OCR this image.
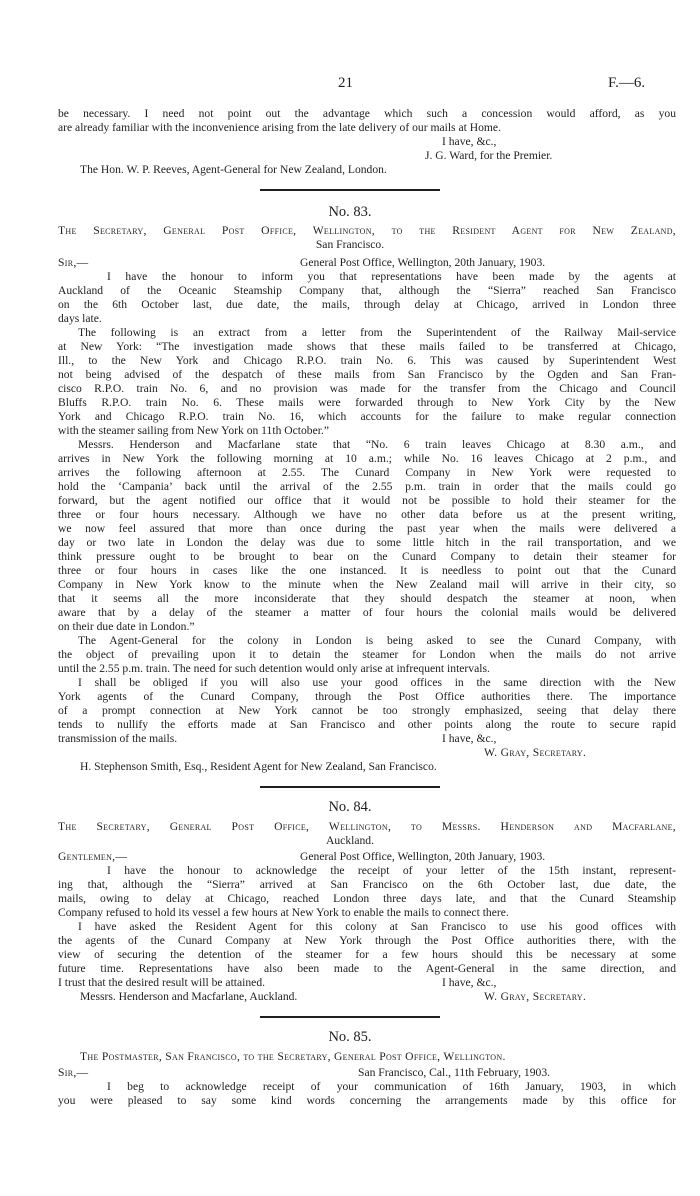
21	F.—6.
be necessary. I need not point out the advantage which such a concession would afford, as you
are already familiar with the inconvenience arising from the late delivery of our mails at Home.
I have, &c.,
J. G. Ward, for the Premier.
The Hon. W. P. Reeves, Agent-General for New Zealand, London.
No. 83.
The Secretary, General Post Office, Wellington, to the Resident Agent for New Zealand,
San Francisco.
Sir,—	General Post Office, Wellington, 20th January, 1903.
I have the honour to inform you that representations have been made by the agents at
Auckland of the Oceanic Steamship Company that, although the “Sierra” reached San Francisco
on the 6th October last, due date, the mails, through delay at Chicago, arrived in London three
days late.
The following is an extract from a letter from the Superintendent of the Railway Mail-service
at New York: “The investigation made shows that these mails failed to be transferred at Chicago,
Ill., to the New York and Chicago R.P.O. train No. 6. This was caused by Superintendent West
not being advised of the despatch of these mails from San Francisco by the Ogden and San Fran-
cisco R.P.O. train No. 6, and no provision was made for the transfer from the Chicago and Council
Bluffs R.P.O. train No. 6. These mails were forwarded through to New York City by the New
York and Chicago R.P.O. train No. 16, which accounts for the failure to make regular connection
with the steamer sailing from New York on 11th October.”
Messrs. Henderson and Macfarlane state that “No. 6 train leaves Chicago at 8.30 a.m., and
arrives in New York the following morning at 10 a.m.; while No. 16 leaves Chicago at 2 p.m., and
arrives the following afternoon at 2.55. The Cunard Company in New York were requested to
hold the ‘Campania’ back until the arrival of the 2.55 p.m. train in order that the mails could go
forward, but the agent notified our office that it would not be possible to hold their steamer for the
three or four hours necessary. Although we have no other data before us at the present writing,
we now feel assured that more than once during the past year when the mails were delivered a
day or two late in London the delay was due to some little hitch in the rail transportation, and we
think pressure ought to be brought to bear on the Cunard Company to detain their steamer for
three or four hours in cases like the one instanced. It is needless to point out that the Cunard
Company in New York know to the minute when the New Zealand mail will arrive in their city, so
that it seems all the more inconsiderate that they should despatch the steamer at noon, when
aware that by a delay of the steamer a matter of four hours the colonial mails would be delivered
on their due date in London.”
The Agent-General for the colony in London is being asked to see the Cunard Company, with
the object of prevailing upon it to detain the steamer for London when the mails do not arrive
until the 2.55 p.m. train. The need for such detention would only arise at infrequent intervals.
I shall be obliged if you will also use your good offices in the same direction with the New
York agents of the Cunard Company, through the Post Office authorities there. The importance
of a prompt connection at New York cannot be too strongly emphasized, seeing that delay there
tends to nullify the efforts made at San Francisco and other points along the route to secure rapid
transmission of the mails.	I have, &c.,
W. Gray, Secretary.
H. Stephenson Smith, Esq., Resident Agent for New Zealand, San Francisco.
No. 84.
The Secretary, General Post Office, Wellington, to Messrs. Henderson and Macfarlane,
Auckland.
Gentlemen,—	General Post Office, Wellington, 20th January, 1903.
I have the honour to acknowledge the receipt of your letter of the 15th instant, represent-
ing that, although the “Sierra” arrived at San Francisco on the 6th October last, due date, the
mails, owing to delay at Chicago, reached London three days late, and that the Cunard Steamship
Company refused to hold its vessel a few hours at New York to enable the mails to connect there.
I have asked the Resident Agent for this colony at San Francisco to use his good offices with
the agents of the Cunard Company at New York through the Post Office authorities there, with the
view of securing the detention of the steamer for a few hours should this be necessary at some
future time. Representations have also been made to the Agent-General in the same direction, and
I trust that the desired result will be attained.	I have, &c.,
Messrs. Henderson and Macfarlane, Auckland.	W. Gray, Secretary.
No. 85.
The Postmaster, San Francisco, to the Secretary, General Post Office, Wellington.
Sir,—	San Francisco, Cal., 11th February, 1903.
I beg to acknowledge receipt of your communication of 16th January, 1903, in which
you were pleased to say some kind words concerning the arrangements made by this office for
